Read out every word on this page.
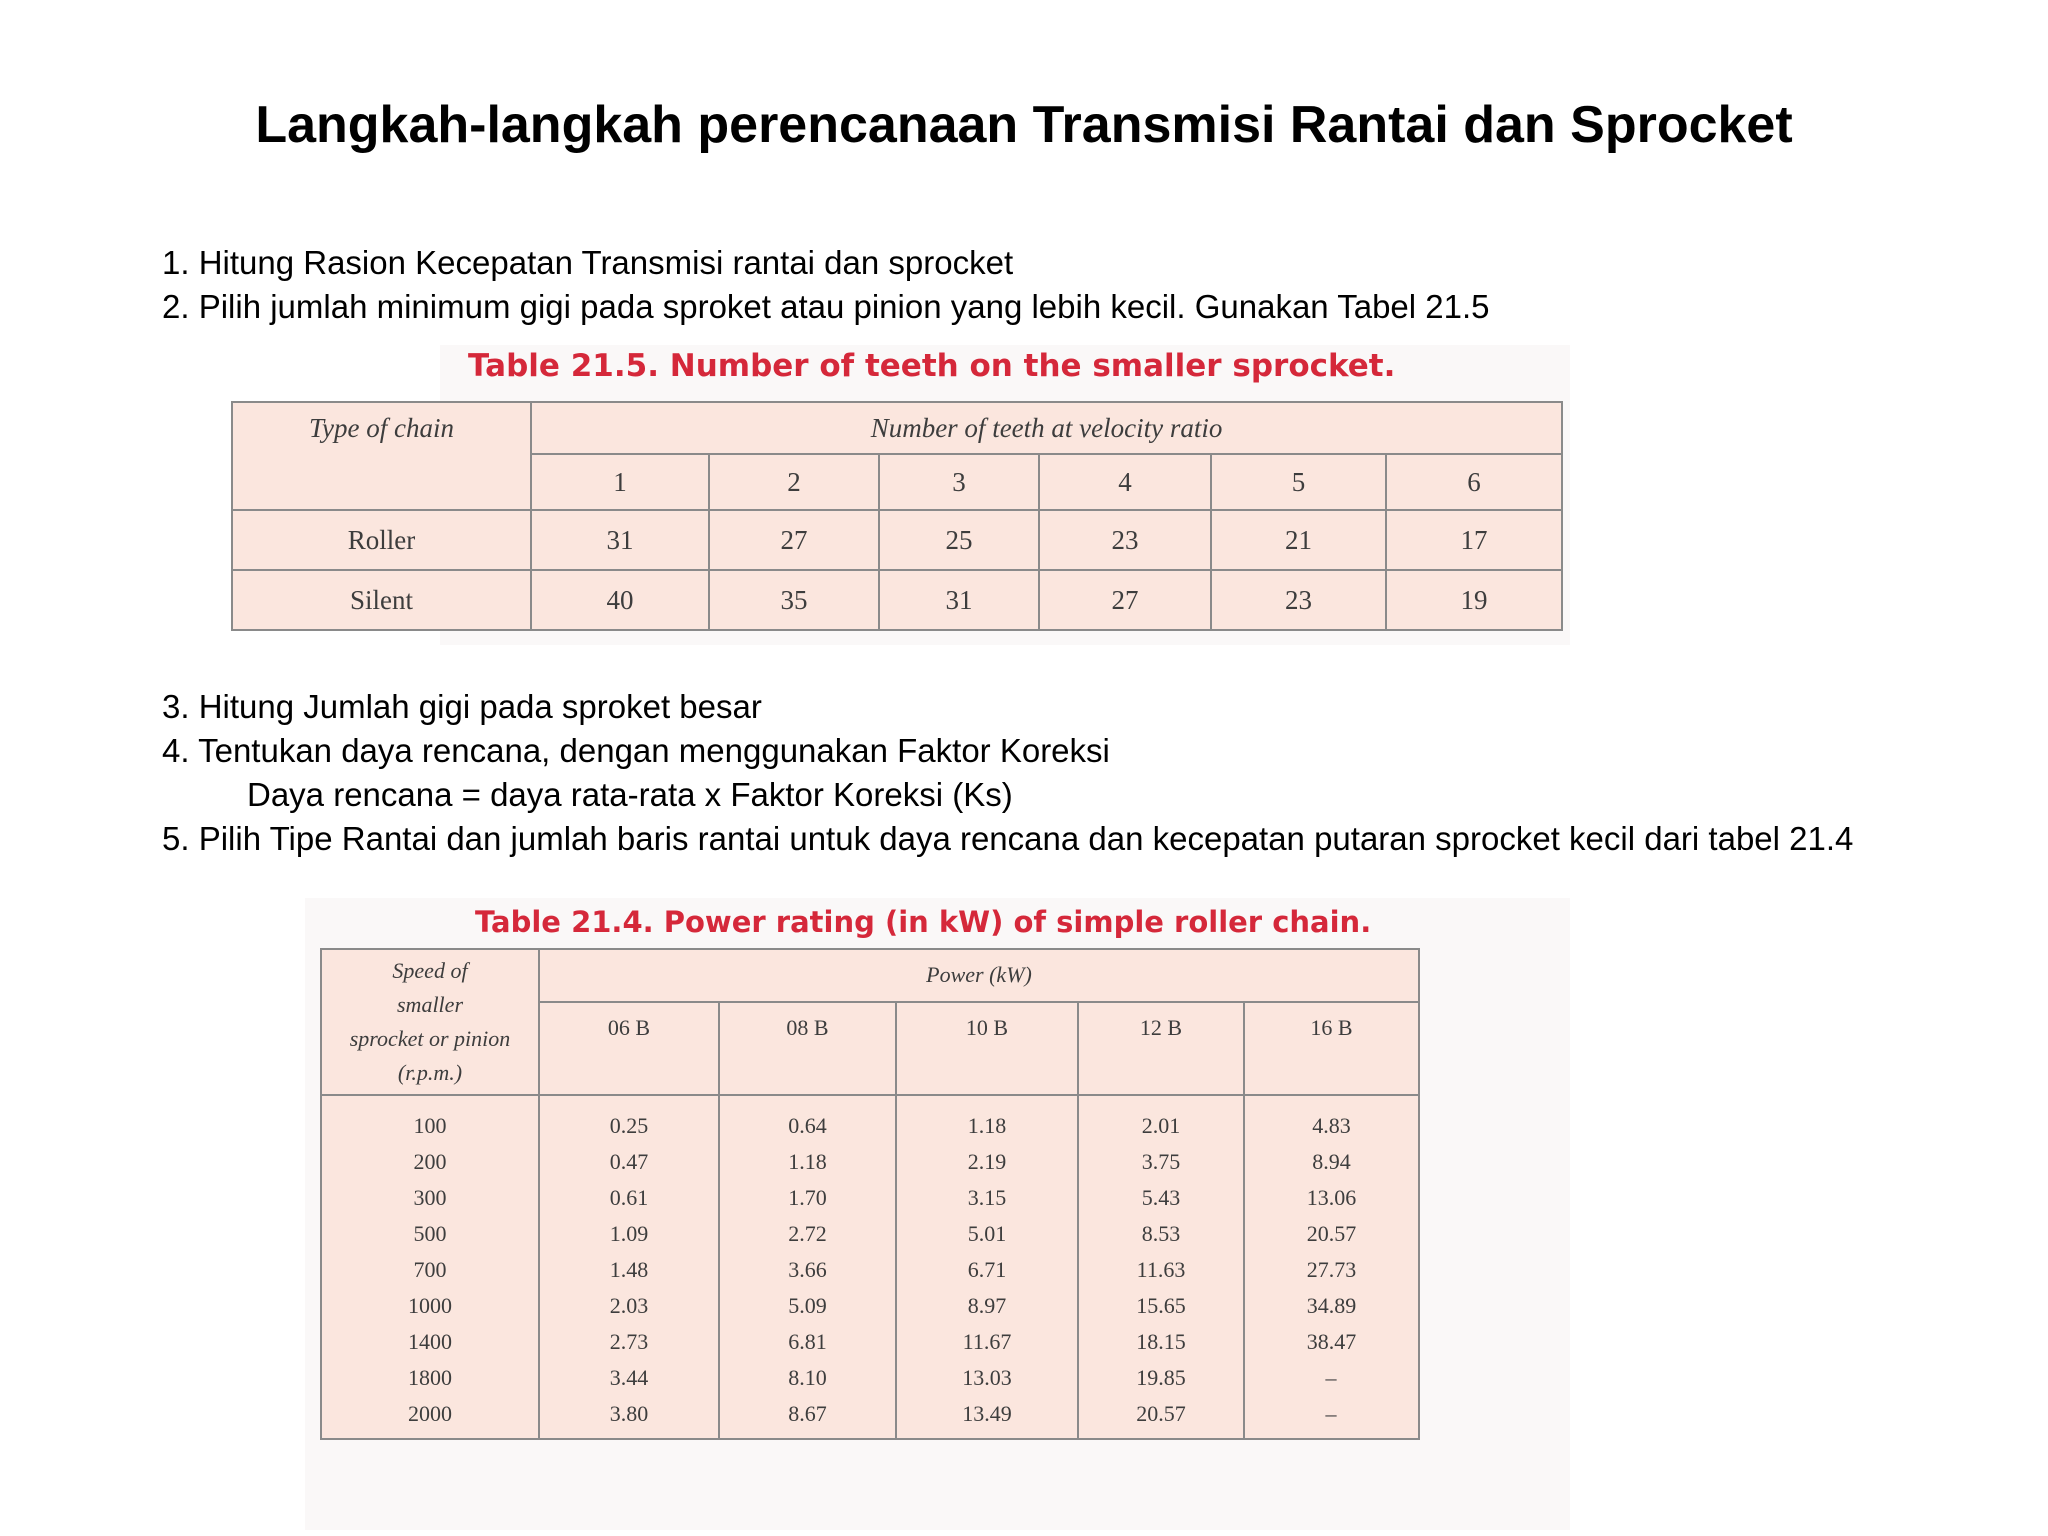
Langkah-langkah perencanaan Transmisi Rantai dan Sprocket
1. Hitung Rasion Kecepatan Transmisi rantai dan sprocket
2. Pilih jumlah minimum gigi pada sproket atau pinion yang lebih kecil. Gunakan Tabel 21.5
Table 21.5. Number of teeth on the smaller sprocket.
Type of chain	Number of teeth at velocity ratio					
	1	2	3	4	5	6
Roller	31	27	25	23	21	17
Silent	40	35	31	27	23	19
3. Hitung Jumlah gigi pada sproket besar
4. Tentukan daya rencana, dengan menggunakan Faktor Koreksi
Daya rencana = daya rata-rata x Faktor Koreksi (Ks)
5. Pilih Tipe Rantai dan jumlah baris rantai untuk daya rencana dan kecepatan putaran sprocket kecil dari tabel 21.4
Table 21.4. Power rating (in kW) of simple roller chain.
Speed of
smaller
sprocket or pinion
(r.p.m.)	Power (kW)				
	06 B	08 B	10 B	12 B	16 B
100	0.25	0.64	1.18	2.01	4.83
200	0.47	1.18	2.19	3.75	8.94
300	0.61	1.70	3.15	5.43	13.06
500	1.09	2.72	5.01	8.53	20.57
700	1.48	3.66	6.71	11.63	27.73
1000	2.03	5.09	8.97	15.65	34.89
1400	2.73	6.81	11.67	18.15	38.47
1800	3.44	8.10	13.03	19.85	–
2000	3.80	8.67	13.49	20.57	–
